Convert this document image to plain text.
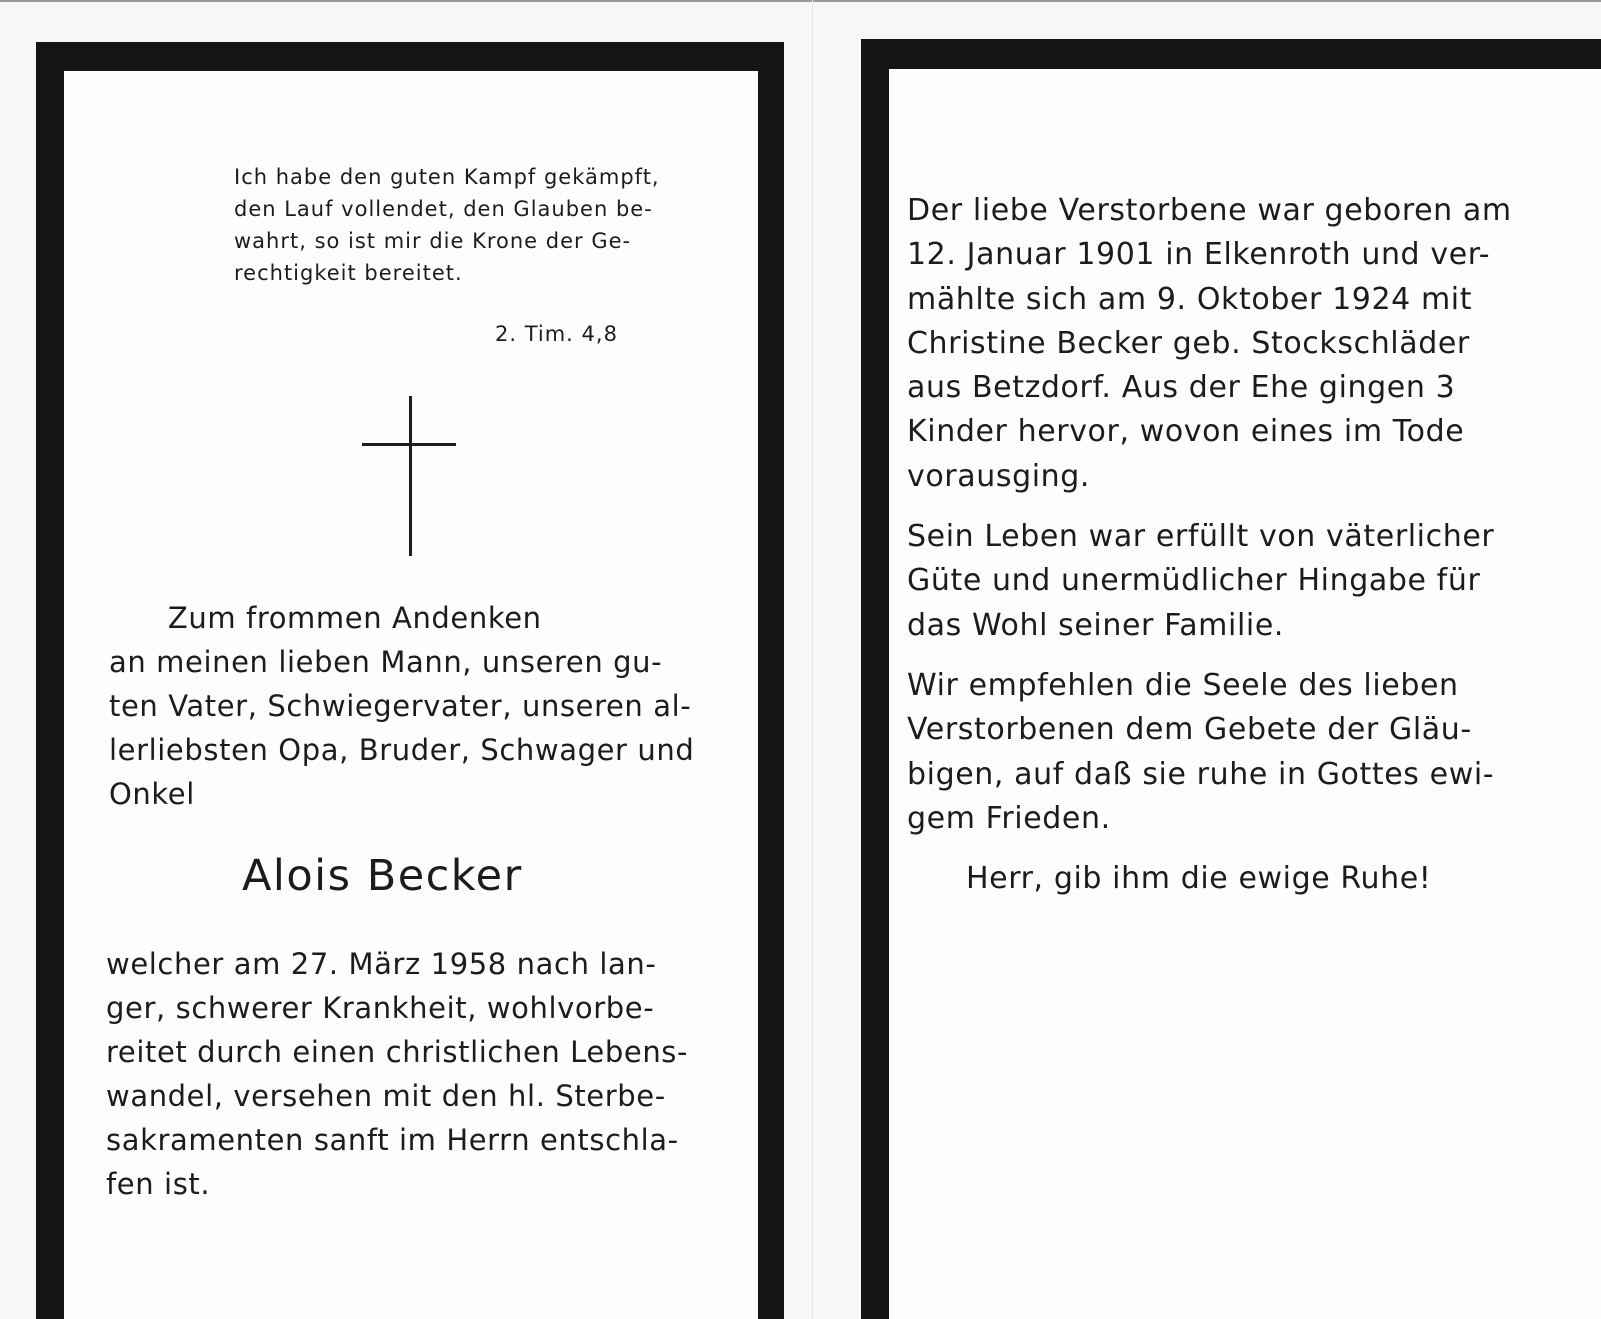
Ich habe den guten Kampf gekämpft,
den Lauf vollendet, den Glauben be-
wahrt, so ist mir die Krone der Ge-
rechtigkeit bereitet.

2. Tim. 4,8

Zum frommen Andenken
an meinen lieben Mann, unseren gu-
ten Vater, Schwiegervater, unseren al-
lerliebsten Opa, Bruder, Schwager und
Onkel

Alois Becker

welcher am 27. März 1958 nach lan-
ger, schwerer Krankheit, wohlvorbe-
reitet durch einen christlichen Lebens-
wandel, versehen mit den hl. Sterbe-
sakramenten sanft im Herrn entschla-
fen ist.

Der liebe Verstorbene war geboren am
12. Januar 1901 in Elkenroth und ver-
mählte sich am 9. Oktober 1924 mit
Christine Becker geb. Stockschläder
aus Betzdorf. Aus der Ehe gingen 3
Kinder hervor, wovon eines im Tode
vorausging.

Sein Leben war erfüllt von väterlicher
Güte und unermüdlicher Hingabe für
das Wohl seiner Familie.

Wir empfehlen die Seele des lieben
Verstorbenen dem Gebete der Gläu-
bigen, auf daß sie ruhe in Gottes ewi-
gem Frieden.

Herr, gib ihm die ewige Ruhe!
